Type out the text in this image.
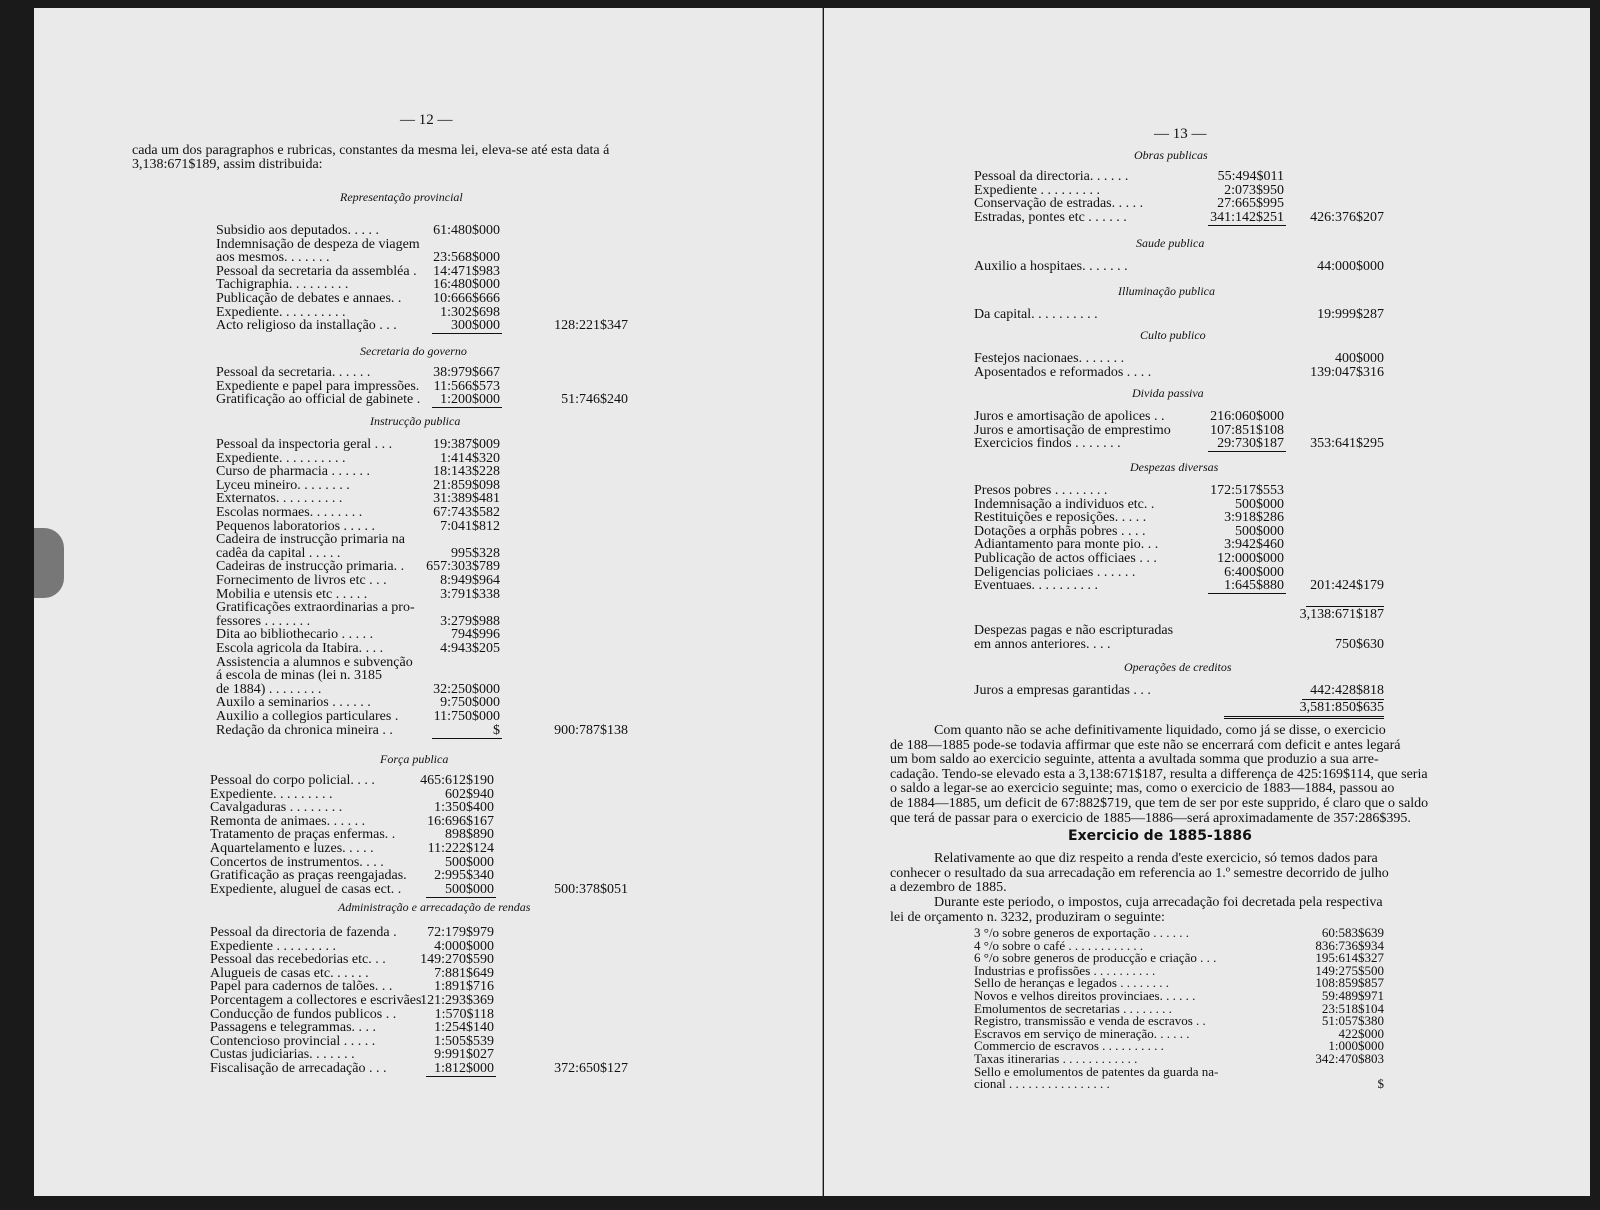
— 12 —
cada um dos paragraphos e rubricas, constantes da mesma lei, eleva-se até esta data á
3,138:671$189, assim distribuida:
Representação provincial
Subsidio aos deputados. . . . .	61:480$000
Indemnisação de despeza de viagem
aos mesmos. . . . . . .	23:568$000
Pessoal da secretaria da assembléa . 14:471$983
Tachigraphia. . . . . . . . .	16:480$000
Publicação de debates e annaes. . 10:666$666
Expediente. . . . . . . . . .	1:302$698
Acto religioso da installação . . .	300$000	128:221$347
Secretaria do governo
Pessoal da secretaria. . . . . .	38:979$667
Expediente e papel para impressões. 11:566$573
Gratificação ao official de gabinete . 1:200$000	51:746$240
Instrucção publica
Pessoal da inspectoria geral . . .	19:387$009
Expediente. . . . . . . . . .	1:414$320
Curso de pharmacia . . . . . .	18:143$228
Lyceu mineiro. . . . . . . .	21:859$098
Externatos. . . . . . . . . .	31:389$481
Escolas normaes. . . . . . . .	67:743$582
Pequenos laboratorios . . . . .	7:041$812
Cadeira de instrucção primaria na
cadêa da capital . . . . .	995$328
Cadeiras de instrucção primaria. . 657:303$789
Fornecimento de livros etc . . .	8:949$964
Mobilia e utensis etc . . . . .	3:791$338
Gratificações extraordinarias a pro-
fessores . . . . . . .	3:279$988
Dita ao bibliothecario . . . . .	794$996
Escola agricola da Itabira. . . .	4:943$205
Assistencia a alumnos e subvenção
á escola de minas (lei n. 3185
de 1884) . . . . . . . .	32:250$000
Auxilo a seminarios . . . . . .	9:750$000
Auxilio a collegios particulares .	11:750$000
Redação da chronica mineira . .	$	900:787$138
Força publica
Pessoal do corpo policial. . . .	465:612$190
Expediente. . . . . . . . .	602$940
Cavalgaduras . . . . . . . .	1:350$400
Remonta de animaes. . . . . .	16:696$167
Tratamento de praças enfermas. .	898$890
Aquartelamento e luzes. . . . .	11:222$124
Concertos de instrumentos. . . .	500$000
Gratificação as praças reengajadas. 2:995$340
Expediente, aluguel de casas ect. .	500$000	500:378$051
Administração e arrecadação de rendas
Pessoal da directoria de fazenda . 72:179$979
Expediente . . . . . . . . .	4:000$000
Pessoal das recebedorias etc. . . 149:270$590
Alugueis de casas etc. . . . . .	7:881$649
Papel para cadernos de talões. . .	1:891$716
Porcentagem a collectores e escrivães
121:293$369
Conducção de fundos publicos . .	1:570$118
Passagens e telegrammas. . . .	1:254$140
Contencioso provincial . . . . .	1:505$539
Custas judiciarias. . . . . . .	9:991$027
Fiscalisação de arrecadação . . .	1:812$000	372:650$127
— 13 —
Obras publicas
Pessoal da directoria. . . . . .	55:494$011
Expediente . . . . . . . . .	2:073$950
Conservação de estradas. . . . .	27:665$995
Estradas, pontes etc . . . . . .	341:142$251 426:376$207
Saude publica
Auxilio a hospitaes. . . . . . .	44:000$000
Illuminação publica
Da capital. . . . . . . . . .	19:999$287
Culto publico
Festejos nacionaes. . . . . . .	400$000
Aposentados e reformados . . . .	139:047$316
Divida passiva
Juros e amortisação de apolices . .	216:060$000
Juros e amortisação de emprestimo	107:851$108
Exercicios findos . . . . . . .	29:730$187 353:641$295
Despezas diversas
Presos pobres . . . . . . . .	172:517$553
Indemnisação a individuos etc. .	500$000
Restituições e reposições. . . . .	3:918$286
Dotações a orphãs pobres . . . .	500$000
Adiantamento para monte pio. . .	3:942$460
Publicação de actos officiaes . . .	12:000$000
Deligencias policiaes . . . . . .	6:400$000
Eventuaes. . . . . . . . . .	1:645$880 201:424$179
3,138:671$187
Despezas pagas e não escripturadas
em annos anteriores. . . .	750$630
Operações de creditos
Juros a empresas garantidas . . .	442:428$818
3,581:850$635
Com quanto não se ache definitivamente liquidado, como já se disse, o exercicio
de 188—1885 pode-se todavia affirmar que este não se encerrará com deficit e antes legará
um bom saldo ao exercicio seguinte, attenta a avultada somma que produzio a sua arre-
cadação. Tendo-se elevado esta a 3,138:671$187, resulta a differença de 425:169$114, que seria
o saldo a legar-se ao exercicio seguinte; mas, como o exercicio de 1883—1884, passou ao
de 1884—1885, um deficit de 67:882$719, que tem de ser por este supprido, é claro que o saldo
que terá de passar para o exercicio de 1885—1886—será aproximadamente de 357:286$395.
Exercicio de 1885-1886
Relativamente ao que diz respeito a renda d'este exercicio, só temos dados para
conhecer o resultado da sua arrecadação em referencia ao 1.º semestre decorrido de julho
a dezembro de 1885.
Durante este periodo, o impostos, cuja arrecadação foi decretada pela respectiva
lei de orçamento n. 3232, produziram o seguinte:
3 °/o sobre generos de exportação . . . . . .	60:583$639
4 °/o sobre o café . . . . . . . . . . . .	836:736$934
6 °/o sobre generos de producção e criação . . .	195:614$327
Industrias e profissões . . . . . . . . . .	149:275$500
Sello de heranças e legados . . . . . . . .	108:859$857
Novos e velhos direitos provinciaes. . . . . .	59:489$971
Emolumentos de secretarias . . . . . . . .	23:518$104
Registro, transmissão e venda de escravos . .	51:057$380
Escravos em serviço de mineração. . . . . .	422$000
Commercio de escravos . . . . . . . . . .	1:000$000
Taxas itinerarias . . . . . . . . . . . .	342:470$803
Sello e emolumentos de patentes da guarda na-
cional . . . . . . . . . . . . . . . .	$
